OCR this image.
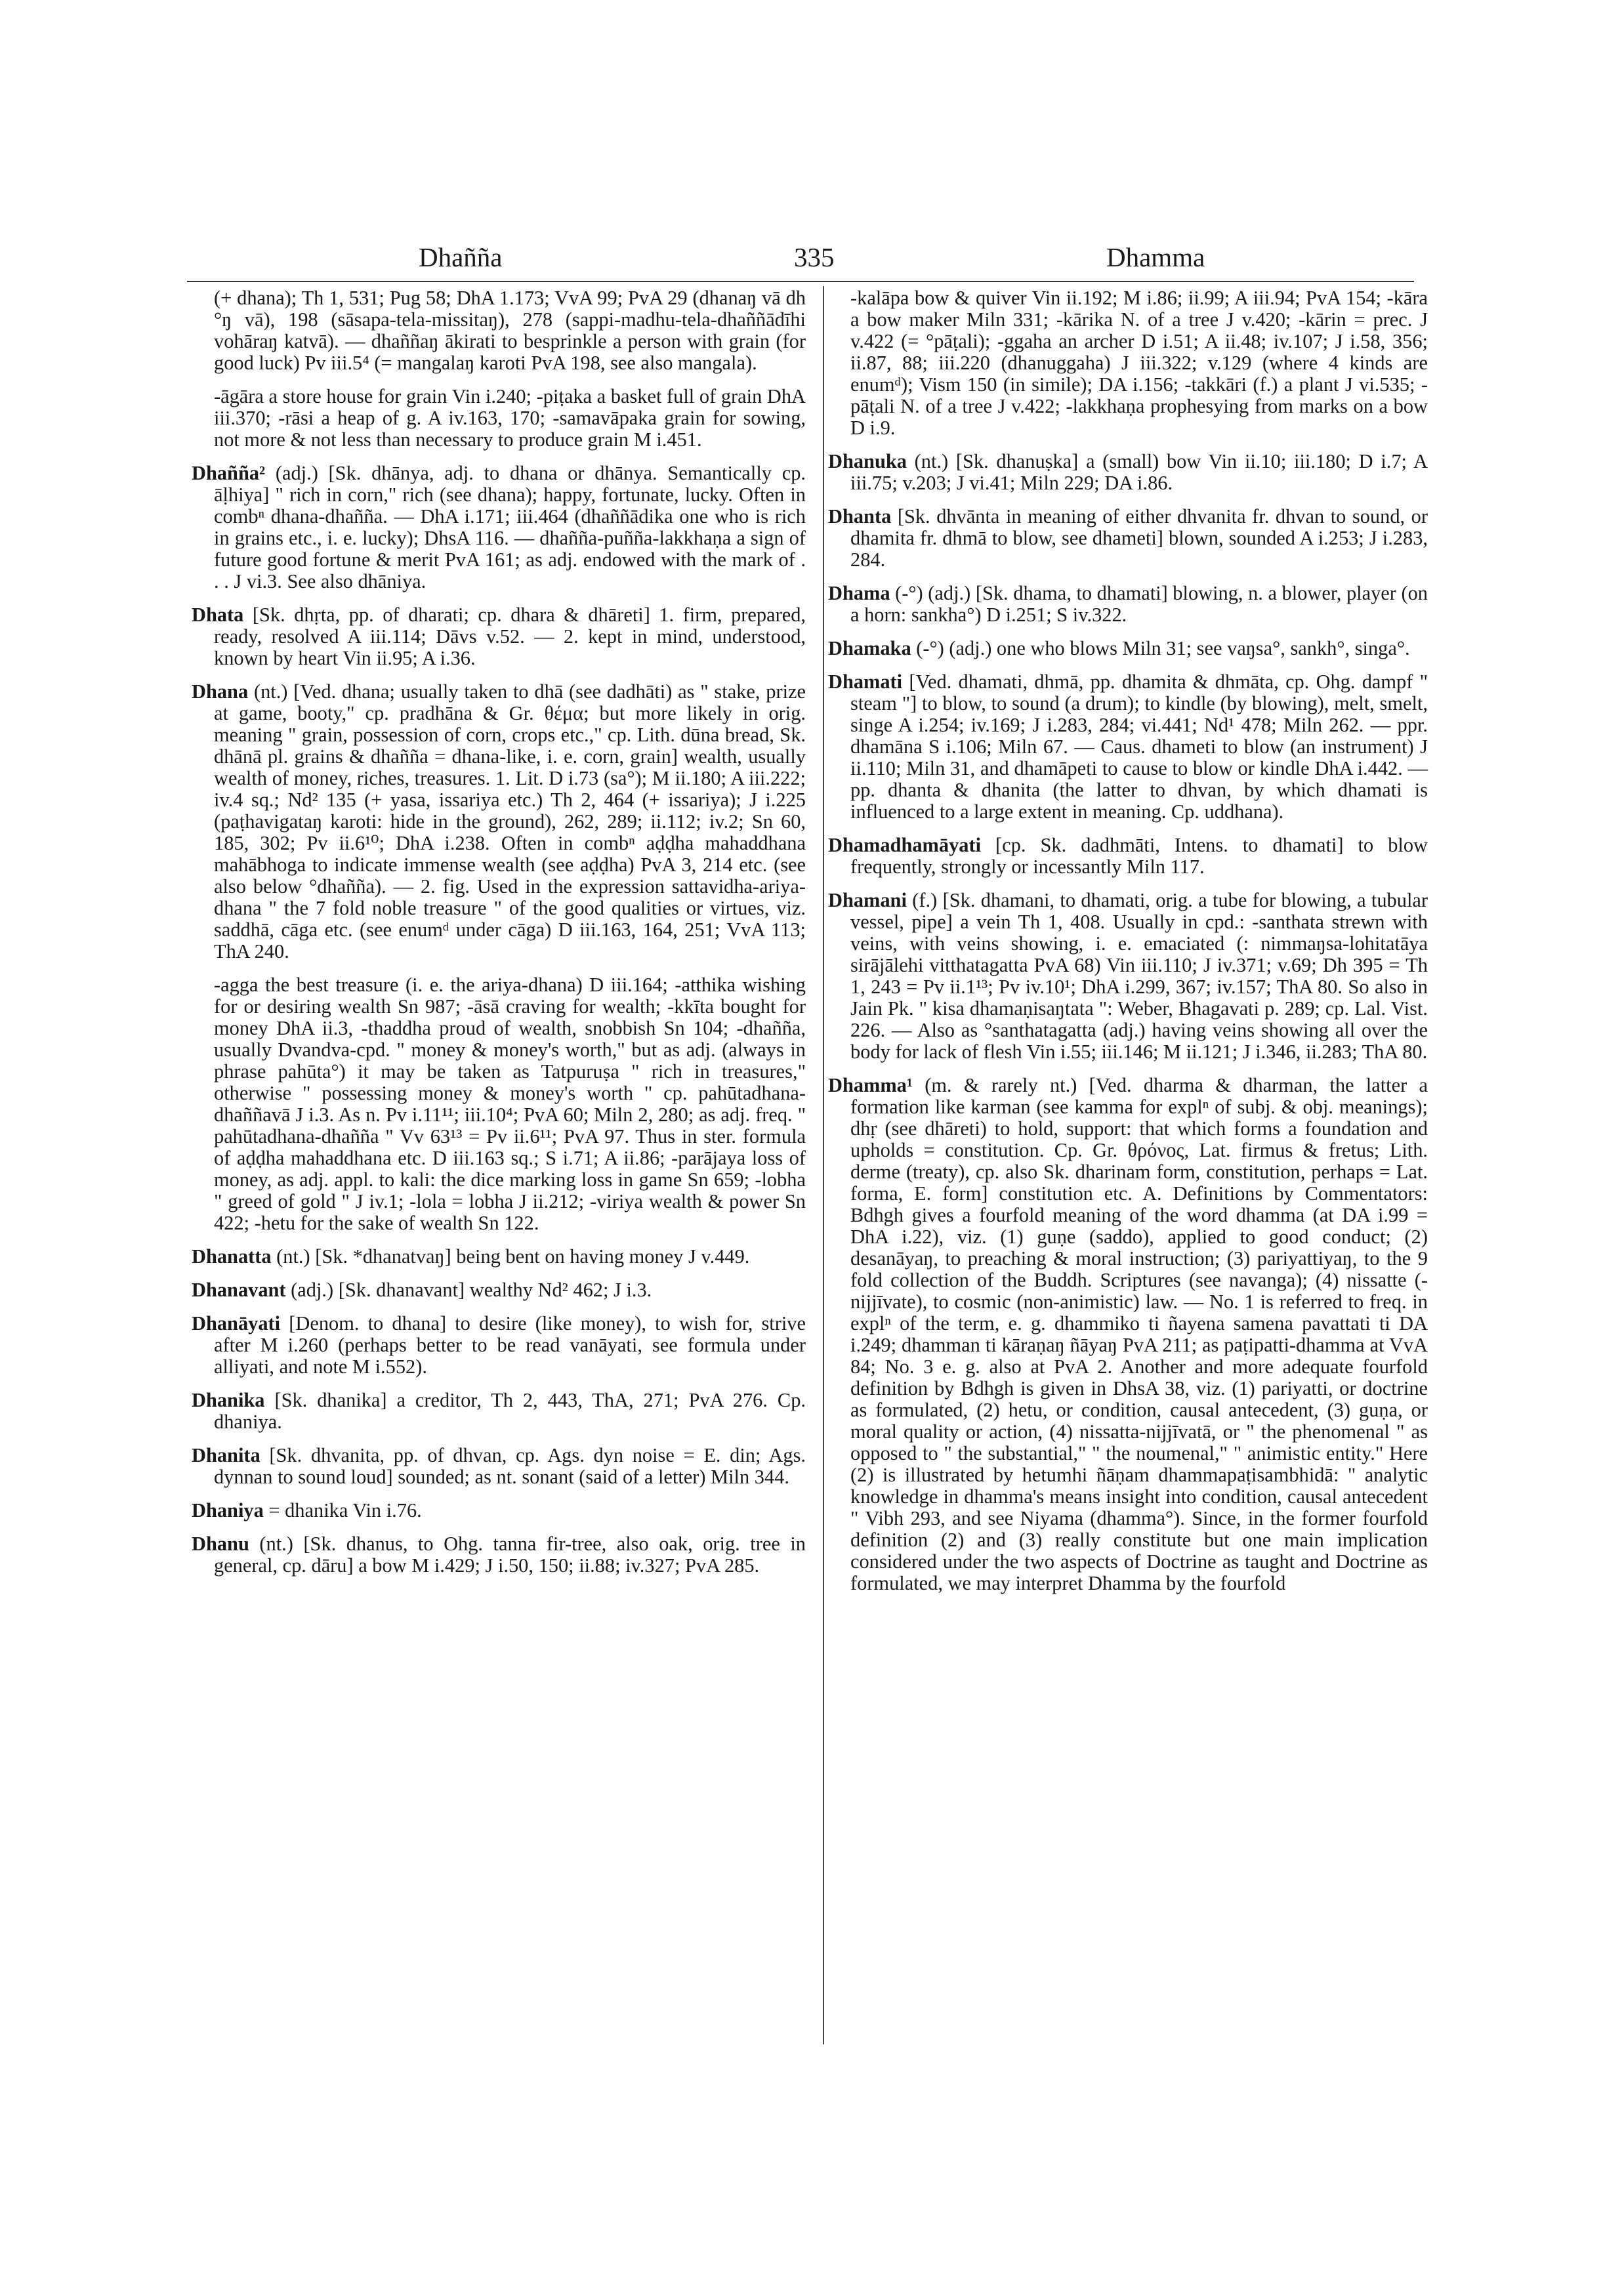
Dhañña	335	Dhamma

(+ dhana); Th 1, 531; Pug 58; DhA 1.173; VvA 99; PvA 29 (dhanaŋ vā dh °ŋ vā), 198 (sāsapa-tela-missitaŋ), 278 (sappi-madhu-tela-dhaññādīhi vohāraŋ katvā). — dhaññaŋ ākirati to besprinkle a person with grain (for good luck) Pv iii.5⁴ (= mangalaŋ karoti PvA 198, see also mangala).

-āgāra a store house for grain Vin i.240; -piṭaka a basket full of grain DhA iii.370; -rāsi a heap of g. A iv.163, 170; -samavāpaka grain for sowing, not more & not less than necessary to produce grain M i.451.

Dhañña² (adj.) [Sk. dhānya, adj. to dhana or dhānya. Semantically cp. āḷhiya] " rich in corn," rich (see dhana); happy, fortunate, lucky. Often in combⁿ dhana-dhañña. — DhA i.171; iii.464 (dhaññādika one who is rich in grains etc., i. e. lucky); DhsA 116. — dhañña-puñña-lakkhaṇa a sign of future good fortune & merit PvA 161; as adj. endowed with the mark of . . . J vi.3. See also dhāniya.

Dhata [Sk. dhṛta, pp. of dharati; cp. dhara & dhāreti] 1. firm, prepared, ready, resolved A iii.114; Dāvs v.52. — 2. kept in mind, understood, known by heart Vin ii.95; A i.36.

Dhana (nt.) [Ved. dhana; usually taken to dhā (see dadhāti) as " stake, prize at game, booty," cp. pradhāna & Gr. θέμα; but more likely in orig. meaning " grain, possession of corn, crops etc.," cp. Lith. dūna bread, Sk. dhānā pl. grains & dhañña = dhana-like, i. e. corn, grain] wealth, usually wealth of money, riches, treasures. 1. Lit. D i.73 (sa°); M ii.180; A iii.222; iv.4 sq.; Nd² 135 (+ yasa, issariya etc.) Th 2, 464 (+ issariya); J i.225 (paṭhavigataŋ karoti: hide in the ground), 262, 289; ii.112; iv.2; Sn 60, 185, 302; Pv ii.6¹⁰; DhA i.238. Often in combⁿ aḍḍha mahaddhana mahābhoga to indicate immense wealth (see aḍḍha) PvA 3, 214 etc. (see also below °dhañña). — 2. fig. Used in the expression sattavidha-ariya-dhana " the 7 fold noble treasure " of the good qualities or virtues, viz. saddhā, cāga etc. (see enumᵈ under cāga) D iii.163, 164, 251; VvA 113; ThA 240.

-agga the best treasure (i. e. the ariya-dhana) D iii.164; -atthika wishing for or desiring wealth Sn 987; -āsā craving for wealth; -kkīta bought for money DhA ii.3, -thaddha proud of wealth, snobbish Sn 104; -dhañña, usually Dvandva-cpd. " money & money's worth," but as adj. (always in phrase pahūta°) it may be taken as Tatpuruṣa " rich in treasures," otherwise " possessing money & money's worth " cp. pahūtadhana-dhaññavā J i.3. As n. Pv i.11¹¹; iii.10⁴; PvA 60; Miln 2, 280; as adj. freq. " pahūtadhana-dhañña " Vv 63¹³ = Pv ii.6¹¹; PvA 97. Thus in ster. formula of aḍḍha mahaddhana etc. D iii.163 sq.; S i.71; A ii.86; -parājaya loss of money, as adj. appl. to kali: the dice marking loss in game Sn 659; -lobha " greed of gold " J iv.1; -lola = lobha J ii.212; -viriya wealth & power Sn 422; -hetu for the sake of wealth Sn 122.

Dhanatta (nt.) [Sk. *dhanatvaŋ] being bent on having money J v.449.

Dhanavant (adj.) [Sk. dhanavant] wealthy Nd² 462; J i.3.

Dhanāyati [Denom. to dhana] to desire (like money), to wish for, strive after M i.260 (perhaps better to be read vanāyati, see formula under alliyati, and note M i.552).

Dhanika [Sk. dhanika] a creditor, Th 2, 443, ThA, 271; PvA 276. Cp. dhaniya.

Dhanita [Sk. dhvanita, pp. of dhvan, cp. Ags. dyn noise = E. din; Ags. dynnan to sound loud] sounded; as nt. sonant (said of a letter) Miln 344.

Dhaniya = dhanika Vin i.76.

Dhanu (nt.) [Sk. dhanus, to Ohg. tanna fir-tree, also oak, orig. tree in general, cp. dāru] a bow M i.429; J i.50, 150; ii.88; iv.327; PvA 285.

-kalāpa bow & quiver Vin ii.192; M i.86; ii.99; A iii.94; PvA 154; -kāra a bow maker Miln 331; -kārika N. of a tree J v.420; -kārin = prec. J v.422 (= °pāṭali); -ggaha an archer D i.51; A ii.48; iv.107; J i.58, 356; ii.87, 88; iii.220 (dhanuggaha) J iii.322; v.129 (where 4 kinds are enumᵈ); Vism 150 (in simile); DA i.156; -takkāri (f.) a plant J vi.535; -pāṭali N. of a tree J v.422; -lakkhaṇa prophesying from marks on a bow D i.9.

Dhanuka (nt.) [Sk. dhanuṣka] a (small) bow Vin ii.10; iii.180; D i.7; A iii.75; v.203; J vi.41; Miln 229; DA i.86.

Dhanta [Sk. dhvānta in meaning of either dhvanita fr. dhvan to sound, or dhamita fr. dhmā to blow, see dhameti] blown, sounded A i.253; J i.283, 284.

Dhama (-°) (adj.) [Sk. dhama, to dhamati] blowing, n. a blower, player (on a horn: sankha°) D i.251; S iv.322.

Dhamaka (-°) (adj.) one who blows Miln 31; see vaŋsa°, sankh°, singa°.

Dhamati [Ved. dhamati, dhmā, pp. dhamita & dhmāta, cp. Ohg. dampf " steam "] to blow, to sound (a drum); to kindle (by blowing), melt, smelt, singe A i.254; iv.169; J i.283, 284; vi.441; Nd¹ 478; Miln 262. — ppr. dhamāna S i.106; Miln 67. — Caus. dhameti to blow (an instrument) J ii.110; Miln 31, and dhamāpeti to cause to blow or kindle DhA i.442. — pp. dhanta & dhanita (the latter to dhvan, by which dhamati is influenced to a large extent in meaning. Cp. uddhana).

Dhamadhamāyati [cp. Sk. dadhmāti, Intens. to dhamati] to blow frequently, strongly or incessantly Miln 117.

Dhamani (f.) [Sk. dhamani, to dhamati, orig. a tube for blowing, a tubular vessel, pipe] a vein Th 1, 408. Usually in cpd.: -santhata strewn with veins, with veins showing, i. e. emaciated (: nimmaŋsa-lohitatāya sirājālehi vitthatagatta PvA 68) Vin iii.110; J iv.371; v.69; Dh 395 = Th 1, 243 = Pv ii.1¹³; Pv iv.10¹; DhA i.299, 367; iv.157; ThA 80. So also in Jain Pk. " kisa dhamaṇisaŋtata ": Weber, Bhagavati p. 289; cp. Lal. Vist. 226. — Also as °santhatagatta (adj.) having veins showing all over the body for lack of flesh Vin i.55; iii.146; M ii.121; J i.346, ii.283; ThA 80.

Dhamma¹ (m. & rarely nt.) [Ved. dharma & dharman, the latter a formation like karman (see kamma for explⁿ of subj. & obj. meanings); dhṛ (see dhāreti) to hold, support: that which forms a foundation and upholds = constitution. Cp. Gr. θρόνος, Lat. firmus & fretus; Lith. derme (treaty), cp. also Sk. dharinam form, constitution, perhaps = Lat. forma, E. form] constitution etc. A. Definitions by Commentators: Bdhgh gives a fourfold meaning of the word dhamma (at DA i.99 = DhA i.22), viz. (1) guṇe (saddo), applied to good conduct; (2) desanāyaŋ, to preaching & moral instruction; (3) pariyattiyaŋ, to the 9 fold collection of the Buddh. Scriptures (see navanga); (4) nissatte (-nijjīvate), to cosmic (non-animistic) law. — No. 1 is referred to freq. in explⁿ of the term, e. g. dhammiko ti ñayena samena pavattati ti DA i.249; dhamman ti kāraṇaŋ ñāyaŋ PvA 211; as paṭipatti-dhamma at VvA 84; No. 3 e. g. also at PvA 2. Another and more adequate fourfold definition by Bdhgh is given in DhsA 38, viz. (1) pariyatti, or doctrine as formulated, (2) hetu, or condition, causal antecedent, (3) guṇa, or moral quality or action, (4) nissatta-nijjīvatā, or " the phenomenal " as opposed to " the substantial," " the noumenal," " animistic entity." Here (2) is illustrated by hetumhi ñāṇam dhammapaṭisambhidā: " analytic knowledge in dhamma's means insight into condition, causal antecedent " Vibh 293, and see Niyama (dhamma°). Since, in the former fourfold definition (2) and (3) really constitute but one main implication considered under the two aspects of Doctrine as taught and Doctrine as formulated, we may interpret Dhamma by the fourfold
